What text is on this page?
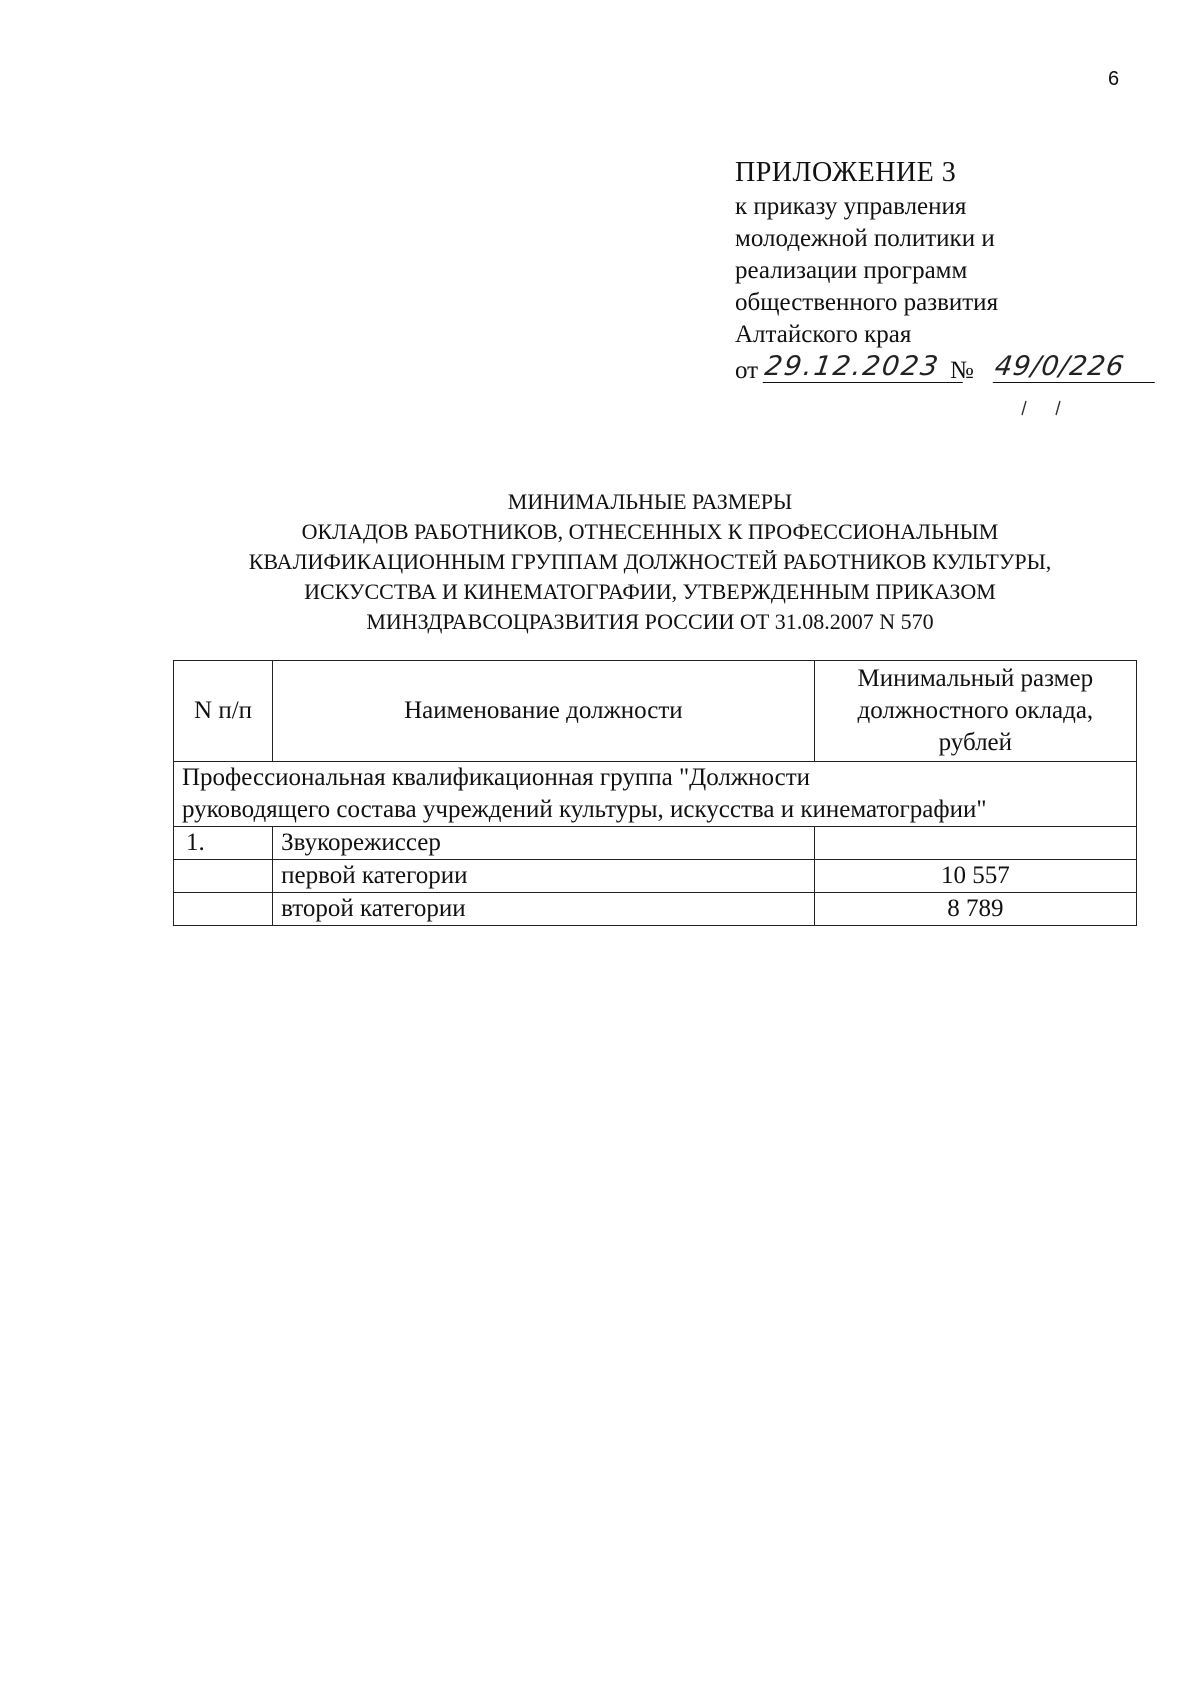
6
ПРИЛОЖЕНИЕ 3
к приказу управления
молодежной политики и
реализации программ
общественного развития
Алтайского края
от 29.12.2023 № 49/0/226
МИНИМАЛЬНЫЕ РАЗМЕРЫ
ОКЛАДОВ РАБОТНИКОВ, ОТНЕСЕННЫХ К ПРОФЕССИОНАЛЬНЫМ
КВАЛИФИКАЦИОННЫМ ГРУППАМ ДОЛЖНОСТЕЙ РАБОТНИКОВ КУЛЬТУРЫ,
ИСКУССТВА И КИНЕМАТОГРАФИИ, УТВЕРЖДЕННЫМ ПРИКАЗОМ
МИНЗДРАВСОЦРАЗВИТИЯ РОССИИ ОТ 31.08.2007 N 570
N п/п	Наименование должности	Минимальный размер
должностного оклада,
рублей

Профессиональная квалификационная группа "Должности
руководящего состава учреждений культуры, искусства и кинематографии"		

1.	Звукорежиссер	
	первой категории	10 557
	второй категории	8 789
